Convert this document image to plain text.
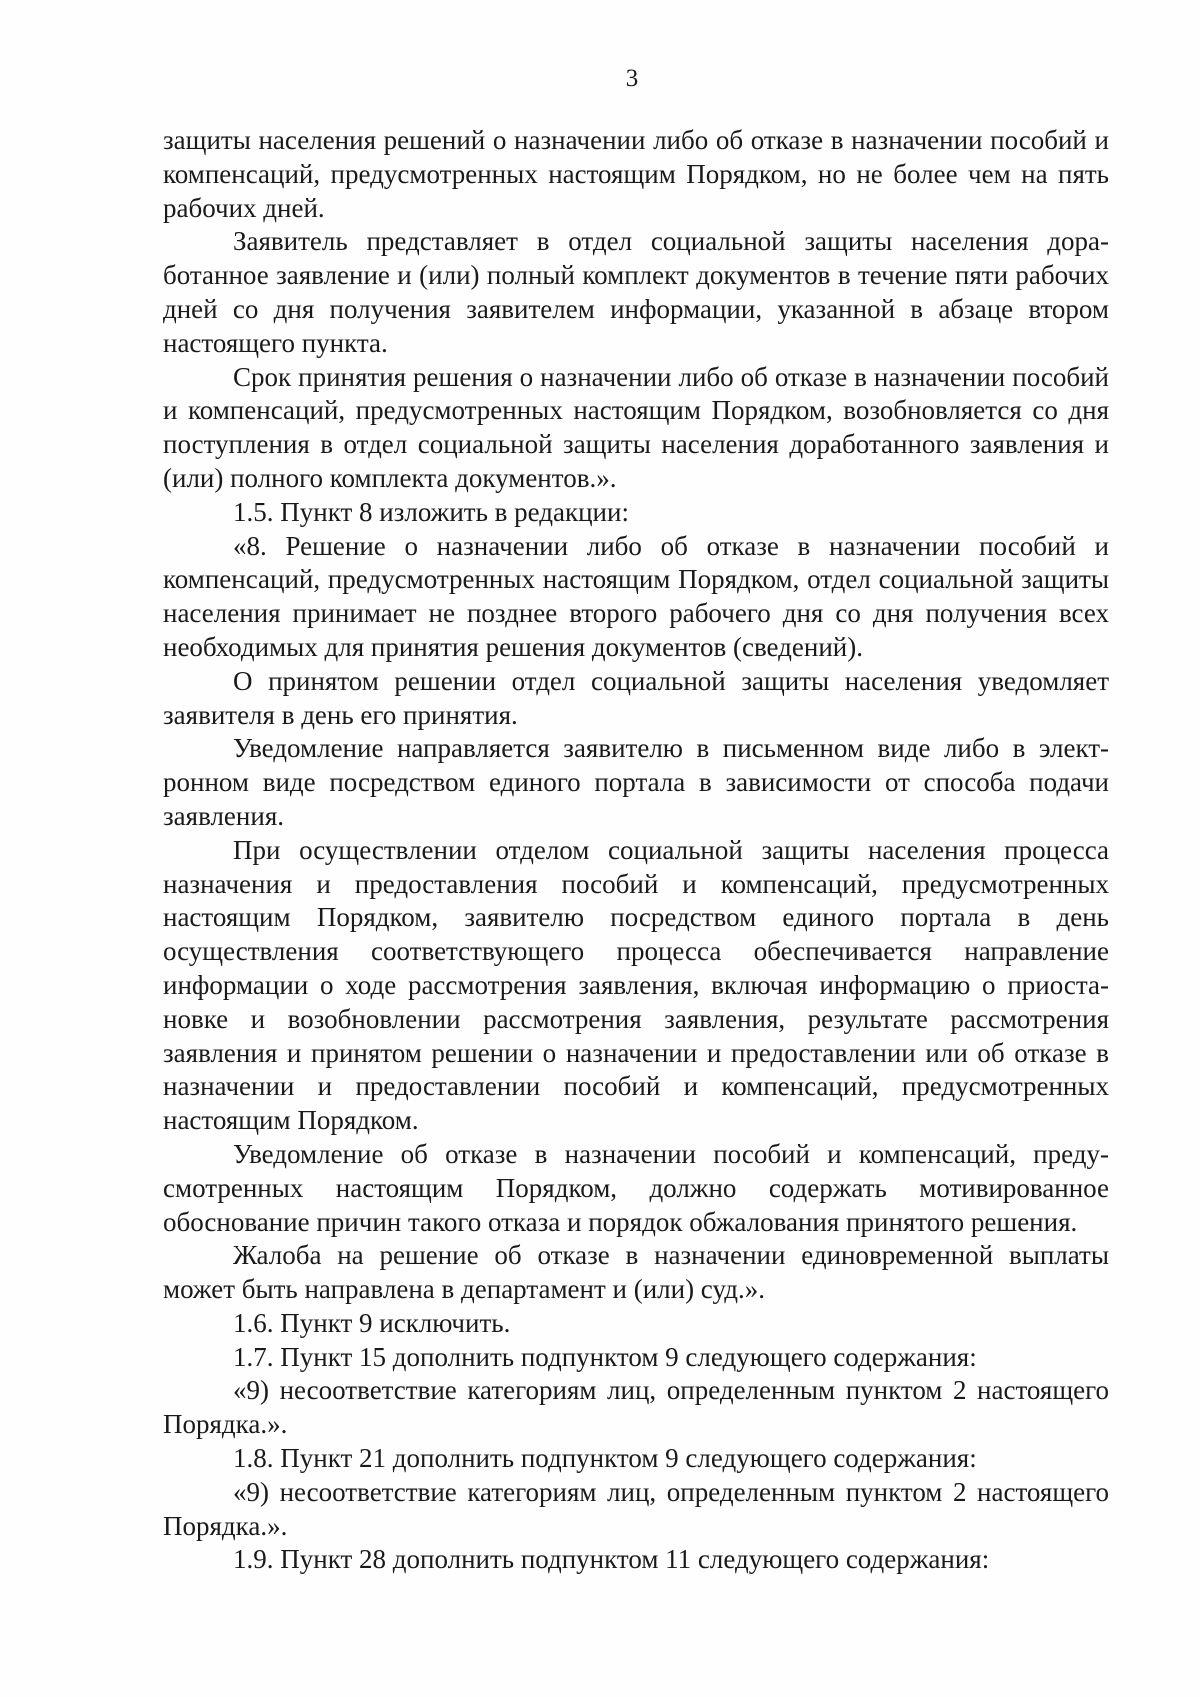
3

защиты населения решений о назначении либо об отказе в назначении пособий и компенсаций, предусмотренных настоящим Порядком, но не более чем на пять рабочих дней.

Заявитель представляет в отдел социальной защиты населения доработанное заявление и (или) полный комплект документов в течение пяти рабочих дней со дня получения заявителем информации, указанной в абзаце втором настоящего пункта.

Срок принятия решения о назначении либо об отказе в назначении пособий и компенсаций, предусмотренных настоящим Порядком, возобновляется со дня поступления в отдел социальной защиты населения доработанного заявления и (или) полного комплекта документов.».

1.5. Пункт 8 изложить в редакции:

«8. Решение о назначении либо об отказе в назначении пособий и компенсаций, предусмотренных настоящим Порядком, отдел социальной защиты населения принимает не позднее второго рабочего дня со дня получения всех необходимых для принятия решения документов (сведений).

О принятом решении отдел социальной защиты населения уведомляет заявителя в день его принятия.

Уведомление направляется заявителю в письменном виде либо в электронном виде посредством единого портала в зависимости от способа подачи заявления.

При осуществлении отделом социальной защиты населения процесса назначения и предоставления пособий и компенсаций, предусмотренных настоящим Порядком, заявителю посредством единого портала в день осуществления соответствующего процесса обеспечивается направление информации о ходе рассмотрения заявления, включая информацию о приостановке и возобновлении рассмотрения заявления, результате рассмотрения заявления и принятом решении о назначении и предоставлении или об отказе в назначении и предоставлении пособий и компенсаций, предусмотренных настоящим Порядком.

Уведомление об отказе в назначении пособий и компенсаций, предусмотренных настоящим Порядком, должно содержать мотивированное обоснование причин такого отказа и порядок обжалования принятого решения.

Жалоба на решение об отказе в назначении единовременной выплаты может быть направлена в департамент и (или) суд.».

1.6. Пункт 9 исключить.

1.7. Пункт 15 дополнить подпунктом 9 следующего содержания:

«9) несоответствие категориям лиц, определенным пунктом 2 настоящего Порядка.».

1.8. Пункт 21 дополнить подпунктом 9 следующего содержания:

«9) несоответствие категориям лиц, определенным пунктом 2 настоящего Порядка.».

1.9. Пункт 28 дополнить подпунктом 11 следующего содержания:
